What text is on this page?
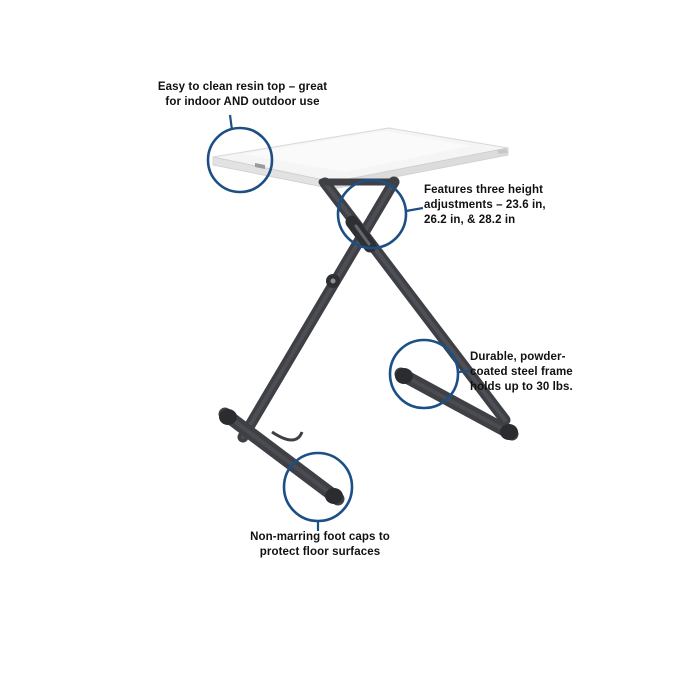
Easy to clean resin top – great for indoor AND outdoor use
Features three height adjustments – 23.6 in, 26.2 in, & 28.2 in
Durable, powder-coated steel frame holds up to 30 lbs.
Non-marring foot caps to protect floor surfaces
